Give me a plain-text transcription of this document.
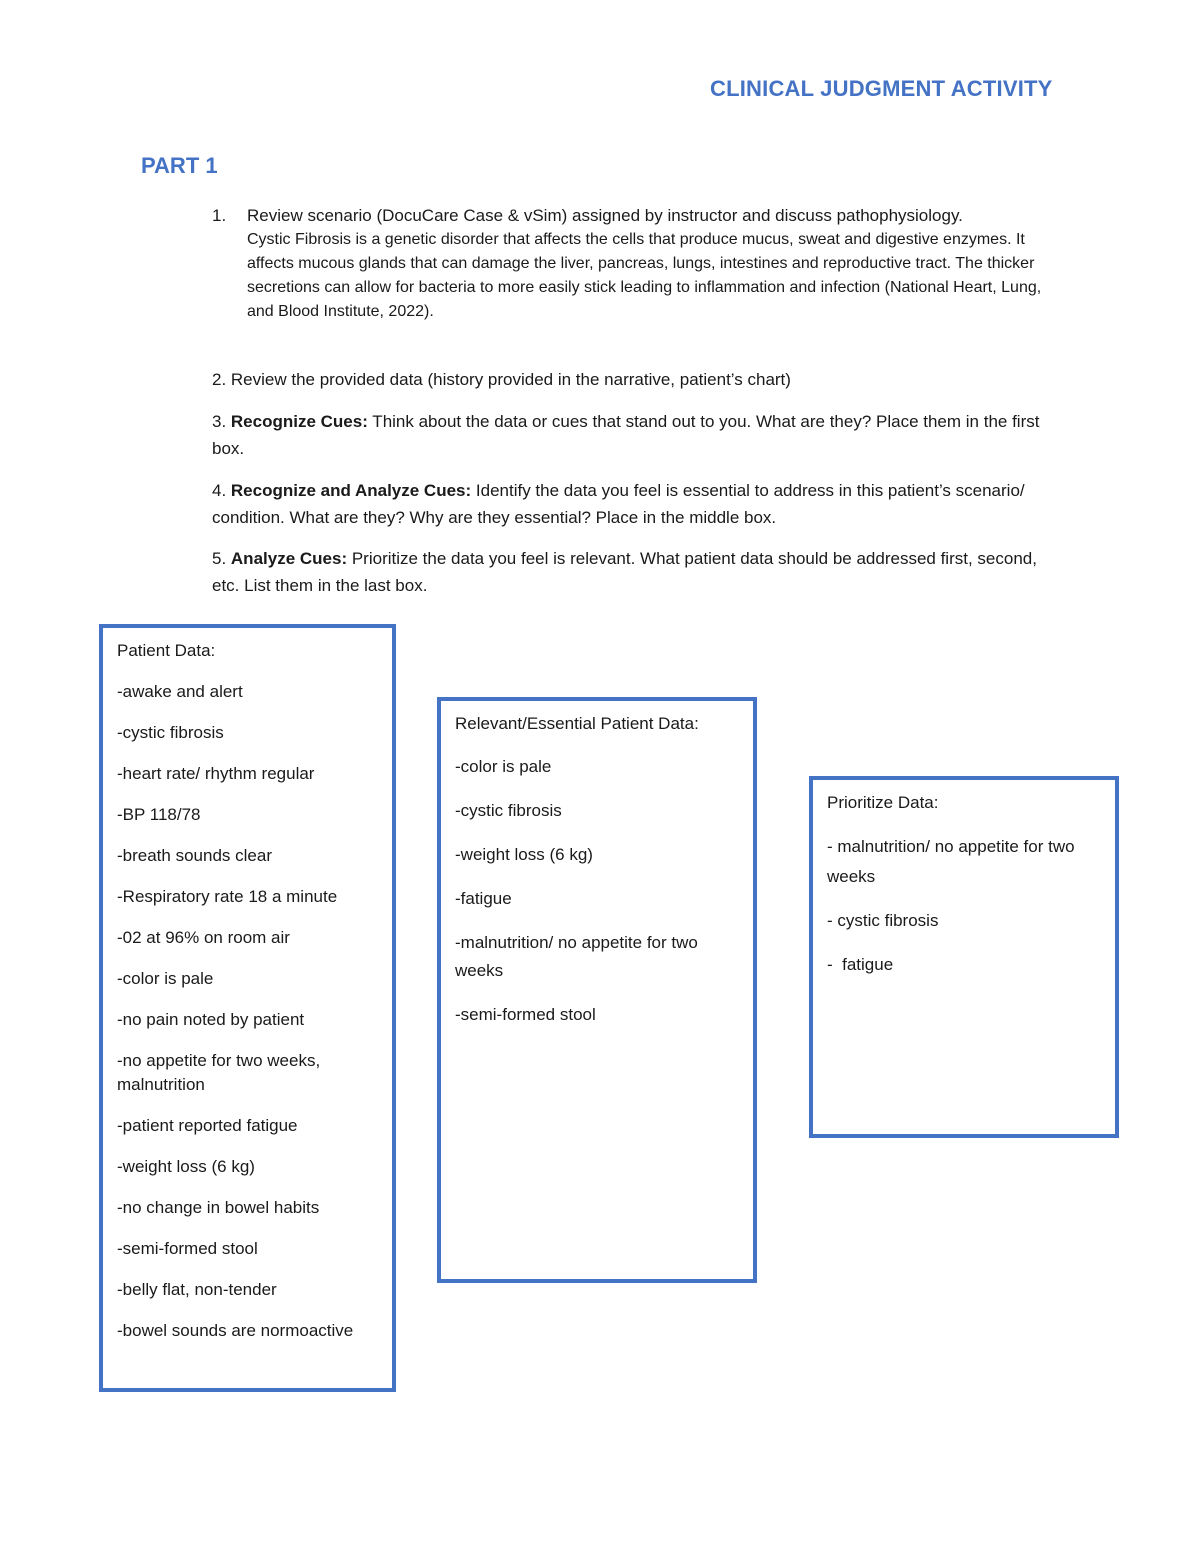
CLINICAL JUDGMENT ACTIVITY
PART 1
1. Review scenario (DocuCare Case & vSim) assigned by instructor and discuss pathophysiology.
Cystic Fibrosis is a genetic disorder that affects the cells that produce mucus, sweat and digestive enzymes. It affects mucous glands that can damage the liver, pancreas, lungs, intestines and reproductive tract. The thicker secretions can allow for bacteria to more easily stick leading to inflammation and infection (National Heart, Lung, and Blood Institute, 2022).
2. Review the provided data (history provided in the narrative, patient’s chart)
3. Recognize Cues: Think about the data or cues that stand out to you. What are they? Place them in the first box.
4. Recognize and Analyze Cues: Identify the data you feel is essential to address in this patient’s scenario/ condition. What are they? Why are they essential? Place in the middle box.
5. Analyze Cues: Prioritize the data you feel is relevant. What patient data should be addressed first, second, etc. List them in the last box.
Patient Data:
-awake and alert
-cystic fibrosis
-heart rate/ rhythm regular
-BP 118/78
-breath sounds clear
-Respiratory rate 18 a minute
-02 at 96% on room air
-color is pale
-no pain noted by patient
-no appetite for two weeks, malnutrition
-patient reported fatigue
-weight loss (6 kg)
-no change in bowel habits
-semi-formed stool
-belly flat, non-tender
-bowel sounds are normoactive
Relevant/Essential Patient Data:
-color is pale
-cystic fibrosis
-weight loss (6 kg)
-fatigue
-malnutrition/ no appetite for two weeks
-semi-formed stool
Prioritize Data:
- malnutrition/ no appetite for two weeks
- cystic fibrosis
-  fatigue
